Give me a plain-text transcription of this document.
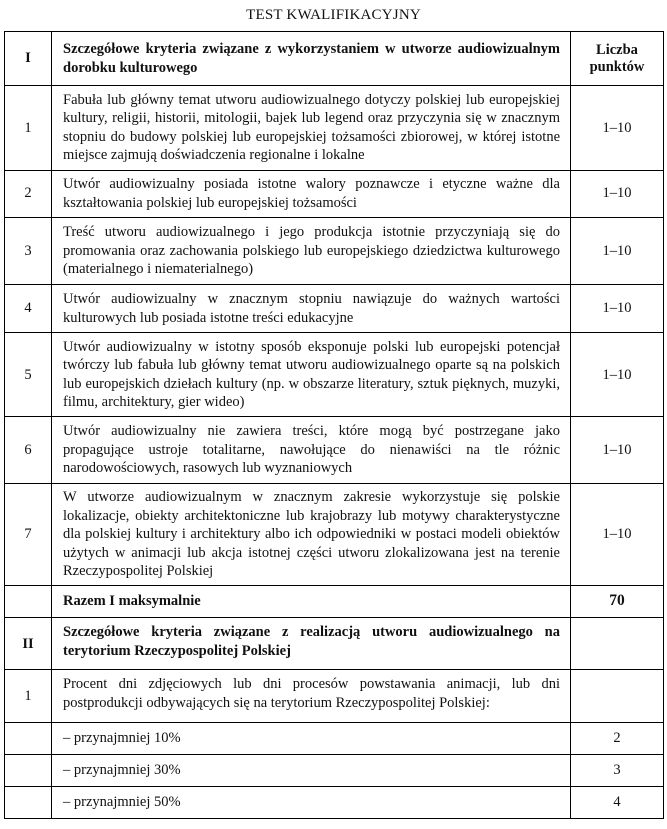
TEST KWALIFIKACYJNY
I	Szczegółowe kryteria związane z wykorzystaniem w utworze audiowizualnym dorobku kulturowego	Liczba punktów
1	Fabuła lub główny temat utworu audiowizualnego dotyczy polskiej lub europejskiej kultury, religii, historii, mitologii, bajek lub legend oraz przyczynia się w znacznym stopniu do budowy polskiej lub europejskiej tożsamości zbiorowej, w której istotne miejsce zajmują doświadczenia regionalne i lokalne	1–10
2	Utwór audiowizualny posiada istotne walory poznawcze i etyczne ważne dla kształtowania polskiej lub europejskiej tożsamości	1–10
3	Treść utworu audiowizualnego i jego produkcja istotnie przyczyniają się do promowania oraz zachowania polskiego lub europejskiego dziedzictwa kulturowego (materialnego i niematerialnego)	1–10
4	Utwór audiowizualny w znacznym stopniu nawiązuje do ważnych wartości kulturowych lub posiada istotne treści edukacyjne	1–10
5	Utwór audiowizualny w istotny sposób eksponuje polski lub europejski potencjał twórczy lub fabuła lub główny temat utworu audiowizualnego oparte są na polskich lub europejskich dziełach kultury (np. w obszarze literatury, sztuk pięknych, muzyki, filmu, architektury, gier wideo)	1–10
6	Utwór audiowizualny nie zawiera treści, które mogą być postrzegane jako propagujące ustroje totalitarne, nawołujące do nienawiści na tle różnic narodowościowych, rasowych lub wyznaniowych	1–10
7	W utworze audiowizualnym w znacznym zakresie wykorzystuje się polskie lokalizacje, obiekty architektoniczne lub krajobrazy lub motywy charakterystyczne dla polskiej kultury i architektury albo ich odpowiedniki w postaci modeli obiektów użytych w animacji lub akcja istotnej części utworu zlokalizowana jest na terenie Rzeczypospolitej Polskiej	1–10
	Razem I maksymalnie	70
II	Szczegółowe kryteria związane z realizacją utworu audiowizualnego na terytorium Rzeczypospolitej Polskiej	
1	Procent dni zdjęciowych lub dni procesów powstawania animacji, lub dni postprodukcji odbywających się na terytorium Rzeczypospolitej Polskiej:	
	– przynajmniej 10%	2
	– przynajmniej 30%	3
	– przynajmniej 50%	4
